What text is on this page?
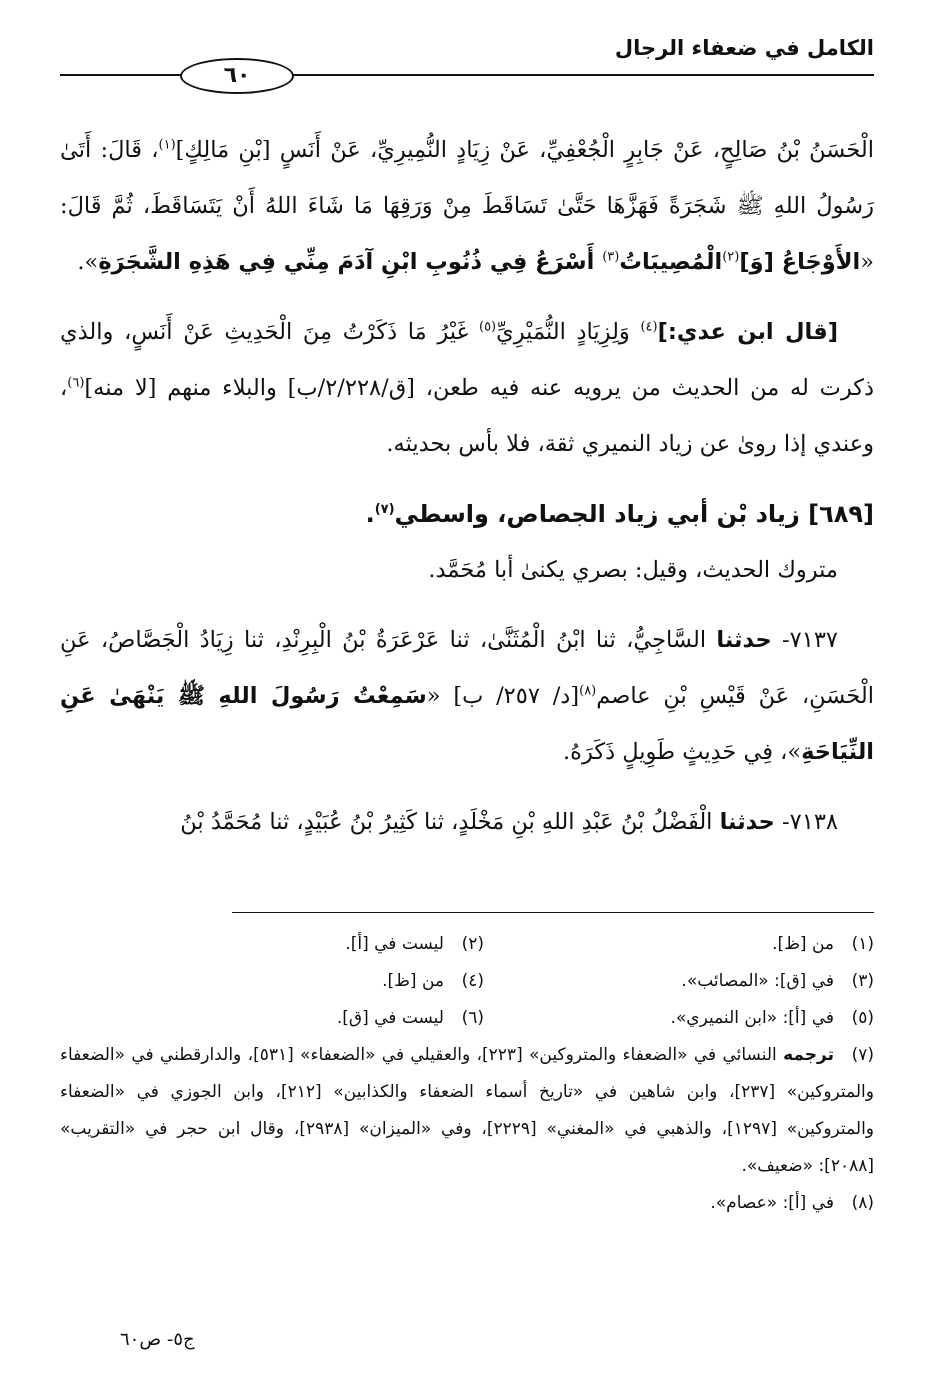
الكامل في ضعفاء الرجال
٦٠

الْحَسَنُ بْنُ صَالِحٍ، عَنْ جَابِرٍ الْجُعْفِيِّ، عَنْ زِيَادٍ النُّمِيرِيِّ، عَنْ أَنَسٍ [بْنِ مَالِكٍ]$^{(١)}$، قَالَ: أَتَىٰ رَسُولُ اللهِ ﷺ شَجَرَةً فَهَزَّهَا حَتَّىٰ تَسَاقَطَ مِنْ وَرَقِهَا مَا شَاءَ اللهُ أَنْ يَتَسَاقَطَ، ثُمَّ قَالَ: «الأَوْجَاعُ [وَ]$^{(٢)}$الْمُصِيبَاتُ$^{(٣)}$ أَسْرَعُ فِي ذُنُوبِ ابْنِ آدَمَ مِنِّي فِي هَذِهِ الشَّجَرَةِ».

[قال ابن عدي:]$^{(٤)}$ وَلِزِيَادٍ النُّمَيْرِيِّ$^{(٥)}$ غَيْرُ مَا ذَكَرْتُ مِنَ الْحَدِيثِ عَنْ أَنَسٍ، والذي ذكرت له من الحديث من يرويه عنه فيه طعن، [ق/٢/٢٢٨/ب] والبلاء منهم [لا منه]$^{(٦)}$، وعندي إذا روىٰ عن زياد النميري ثقة، فلا بأس بحديثه.

[٦٨٩] زياد بْن أبي زياد الجصاص، واسطي$^{(٧)}$.

متروك الحديث، وقيل: بصري يكنىٰ أبا مُحَمَّد.

٧١٣٧- حدثنا السَّاجِيُّ، ثنا ابْنُ الْمُثَنَّىٰ، ثنا عَرْعَرَةُ بْنُ الْبِرِنْدِ، ثنا زِيَادُ الْجَصَّاصُ، عَنِ الْحَسَنِ، عَنْ قَيْسِ بْنِ عاصم$^{(٨)}$[د/ ٢٥٧/ ب] «سَمِعْتُ رَسُولَ اللهِ ﷺ يَنْهَىٰ عَنِ النِّيَاحَةِ»، فِي حَدِيثٍ طَوِيلٍ ذَكَرَهُ.

٧١٣٨- حدثنا الْفَضْلُ بْنُ عَبْدِ اللهِ بْنِ مَخْلَدٍ، ثنا كَثِيرُ بْنُ عُبَيْدٍ، ثنا مُحَمَّدُ بْنُ

(١)من [ظ].
(٢)ليست في [أ].
(٣)في [ق]: «المصائب».
(٤)من [ظ].
(٥)في [أ]: «ابن النميري».
(٦)ليست في [ق].
(٧)ترجمه النسائي في «الضعفاء والمتروكين» [٢٢٣]، والعقيلي في «الضعفاء» [٥٣١]، والدارقطني في «الضعفاء والمتروكين» [٢٣٧]، وابن شاهين في «تاريخ أسماء الضعفاء والكذابين» [٢١٢]، وابن الجوزي في «الضعفاء والمتروكين» [١٢٩٧]، والذهبي في «المغني» [٢٢٢٩]، وفي «الميزان» [٢٩٣٨]، وقال ابن حجر في «التقريب» [٢٠٨٨]: «ضعيف».
(٨)
في [أ]: «عصام».
ج٥- ص٦٠
